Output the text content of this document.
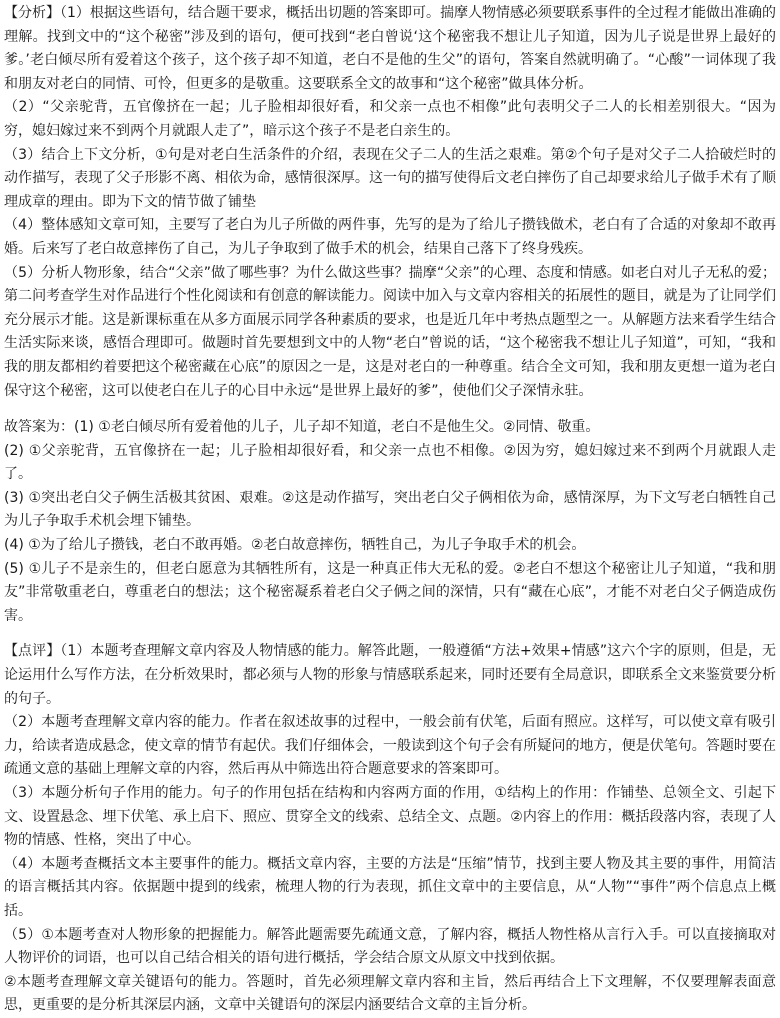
【分析】（1）根据这些语句，结合题干要求，概括出切题的答案即可。揣摩人物情感必须要联系事件的全过程才能做出准确的理解。找到文中的“这个秘密”涉及到的语句，便可找到“老白曾说‘这个秘密我不想让儿子知道，因为儿子说是世界上最好的爹。’老白倾尽所有爱着这个孩子，这个孩子却不知道，老白不是他的生父”的语句，答案自然就明确了。“心酸”一词体现了我和朋友对老白的同情、可怜，但更多的是敬重。这要联系全文的故事和“这个秘密”做具体分析。

（2）“父亲驼背，五官像挤在一起；儿子脸相却很好看，和父亲一点也不相像”此句表明父子二人的长相差别很大。“因为穷，媳妇嫁过来不到两个月就跟人走了”，暗示这个孩子不是老白亲生的。

（3）结合上下文分析，①句是对老白生活条件的介绍，表现在父子二人的生活之艰难。第②个句子是对父子二人拾破烂时的动作描写，表现了父子形影不离、相依为命，感情很深厚。这一句的描写使得后文老白摔伤了自己却要求给儿子做手术有了顺理成章的理由。即为下文的情节做了铺垫

（4）整体感知文章可知，主要写了老白为儿子所做的两件事，先写的是为了给儿子攒钱做术，老白有了合适的对象却不敢再婚。后来写了老白故意摔伤了自己，为儿子争取到了做手术的机会，结果自己落下了终身残疾。

（5）分析人物形象，结合“父亲”做了哪些事？为什么做这些事？揣摩“父亲”的心理、态度和情感。如老白对儿子无私的爱；第二问考查学生对作品进行个性化阅读和有创意的解读能力。阅读中加入与文章内容相关的拓展性的题目，就是为了让同学们充分展示才能。这是新课标重在从多方面展示同学各种素质的要求，也是近几年中考热点题型之一。从解题方法来看学生结合生活实际来谈，感悟合理即可。做题时首先要想到文中的人物“老白”曾说的话，“这个秘密我不想让儿子知道”，可知，“我和我的朋友都相约着要把这个秘密藏在心底”的原因之一是，这是对老白的一种尊重。结合全文可知，我和朋友更想一道为老白保守这个秘密，这可以使老白在儿子的心目中永远“是世界上最好的爹”，使他们父子深情永驻。

故答案为：(1) ①老白倾尽所有爱着他的儿子，儿子却不知道，老白不是他生父。②同情、敬重。

(2) ①父亲驼背，五官像挤在一起；儿子脸相却很好看，和父亲一点也不相像。②因为穷，媳妇嫁过来不到两个月就跟人走了。

(3) ①突出老白父子俩生活极其贫困、艰难。②这是动作描写，突出老白父子俩相依为命，感情深厚，为下文写老白牺牲自己为儿子争取手术机会埋下铺垫。

(4) ①为了给儿子攒钱，老白不敢再婚。②老白故意摔伤，牺牲自己，为儿子争取手术的机会。

(5) ①儿子不是亲生的，但老白愿意为其牺牲所有，这是一种真正伟大无私的爱。②老白不想这个秘密让儿子知道，“我和朋友”非常敬重老白，尊重老白的想法；这个秘密凝系着老白父子俩之间的深情，只有“藏在心底”，才能不对老白父子俩造成伤害。

【点评】（1）本题考查理解文章内容及人物情感的能力。解答此题，一般遵循“方法+效果+情感”这六个字的原则，但是，无论运用什么写作方法，在分析效果时，都必须与人物的形象与情感联系起来，同时还要有全局意识，即联系全文来鉴赏要分析的句子。

（2）本题考查理解文章内容的能力。作者在叙述故事的过程中，一般会前有伏笔，后面有照应。这样写，可以使文章有吸引力，给读者造成悬念，使文章的情节有起伏。我们仔细体会，一般读到这个句子会有所疑问的地方，便是伏笔句。答题时要在疏通文意的基础上理解文章的内容，然后再从中筛选出符合题意要求的答案即可。

（3）本题分析句子作用的能力。句子的作用包括在结构和内容两方面的作用，①结构上的作用：作铺垫、总领全文、引起下文、设置悬念、埋下伏笔、承上启下、照应、贯穿全文的线索、总结全文、点题。②内容上的作用：概括段落内容，表现了人物的情感、性格，突出了中心。

（4）本题考查概括文本主要事件的能力。概括文章内容，主要的方法是“压缩”情节，找到主要人物及其主要的事件，用简洁的语言概括其内容。依据题中提到的线索，梳理人物的行为表现，抓住文章中的主要信息，从“人物”“事件”两个信息点上概括。

（5）①本题考查对人物形象的把握能力。解答此题需要先疏通文意，了解内容，概括人物性格从言行入手。可以直接摘取对人物评价的词语，也可以自己结合相关的语句进行概括，学会结合原文从原文中找到依据。

②本题考查理解文章关键语句的能力。答题时，首先必须理解文章内容和主旨，然后再结合上下文理解，不仅要理解表面意思，更重要的是分析其深层内涵，文章中关键语句的深层内涵要结合文章的主旨分析。
